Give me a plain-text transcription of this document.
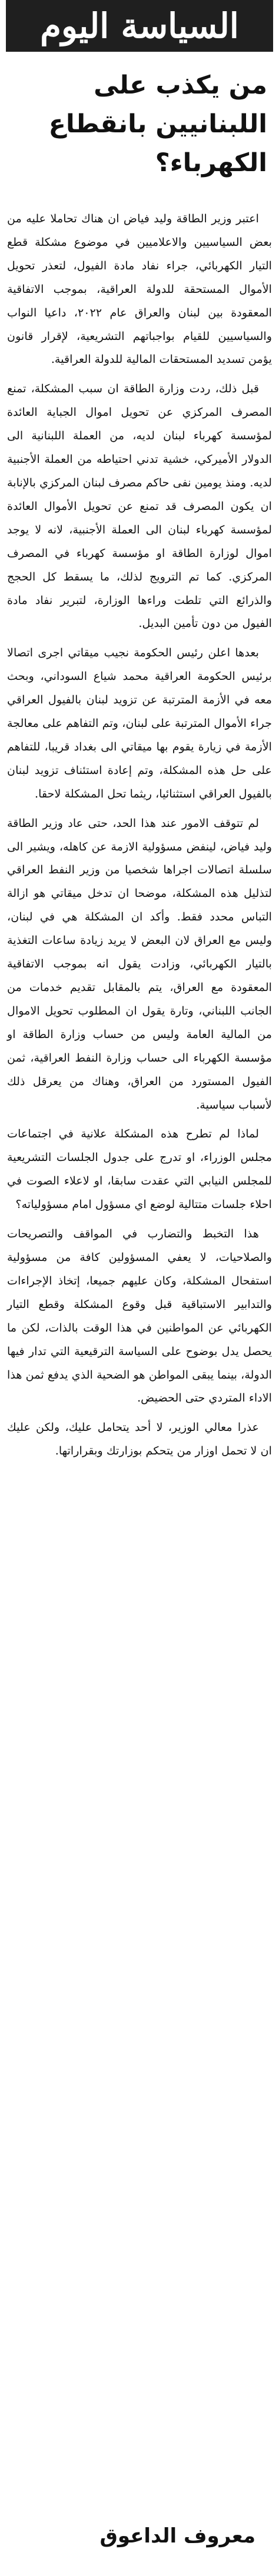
السياسة اليوم
من يكذب على اللبنانيين بانقطاع الكهرباء؟

اعتبر وزير الطاقة وليد فياض ان هناك تحاملا عليه من بعض السياسيين والاعلاميين في موضوع مشكلة قطع التيار الكهربائي، جراء نفاد مادة الفيول، لتعذر تحويل الأموال المستحقة للدولة العراقية، بموجب الاتفاقية المعقودة بين لبنان والعراق عام ٢٠٢٢، داعيا النواب والسياسيين للقيام بواجباتهم التشريعية، لإقرار قانون يؤمن تسديد المستحقات المالية للدولة العراقية.

قبل ذلك، ردت وزارة الطاقة ان سبب المشكلة، تمنع المصرف المركزي عن تحويل اموال الجباية العائدة لمؤسسة كهرباء لبنان لديه، من العملة اللبنانية الى الدولار الأميركي، خشية تدني احتياطه من العملة الأجنبية لديه. ومنذ يومين نفى حاكم مصرف لبنان المركزي بالإنابة ان يكون المصرف قد تمنع عن تحويل الأموال العائدة لمؤسسة كهرباء لبنان الى العملة الأجنبية، لانه لا يوجد اموال لوزارة الطاقة او مؤسسة كهرباء في المصرف المركزي. كما تم الترويج لذلك، ما يسقط كل الحجج والذرائع التي تلطت وراءها الوزارة، لتبرير نفاد مادة الفيول من دون تأمين البديل.

بعدها اعلن رئيس الحكومة نجيب ميقاتي اجرى اتصالا برئيس الحكومة العراقية محمد شياع السوداني، وبحث معه في الأزمة المترتبة عن تزويد لبنان بالفيول العراقي جراء الأموال المترتبة على لبنان، وتم التفاهم على معالجة الأزمة في زيارة يقوم بها ميقاتي الى بغداد قريبا، للتفاهم على حل هذه المشكلة، وتم إعادة استئناف تزويد لبنان بالفيول العراقي استثنائيا، ريثما تحل المشكلة لاحقا.

لم تتوقف الامور عند هذا الحد، حتى عاد وزير الطاقة وليد فياض، لينفض مسؤولية الازمة عن كاهله، ويشير الى سلسلة اتصالات اجراها شخصيا من وزير النفط العراقي لتذليل هذه المشكلة، موضحا ان تدخل ميقاتي هو ازالة التباس محدد فقط. وأكد ان المشكلة هي في لبنان، وليس مع العراق لان البعض لا يريد زيادة ساعات التغذية بالتيار الكهربائي، وزادت يقول انه بموجب الاتفاقية المعقودة مع العراق، يتم بالمقابل تقديم خدمات من الجانب اللبناني، وتارة يقول ان المطلوب تحويل الاموال من المالية العامة وليس من حساب وزارة الطاقة او مؤسسة الكهرباء الى حساب وزارة النفط العراقية، ثمن الفيول المستورد من العراق، وهناك من يعرقل ذلك لأسباب سياسية.

لماذا لم تطرح هذه المشكلة علانية في اجتماعات مجلس الوزراء، او تدرج على جدول الجلسات التشريعية للمجلس النيابي التي عقدت سابقا، او لاعلاء الصوت في احلاء جلسات متتالية لوضع اي مسؤول امام مسؤولياته؟

هذا التخبط والتضارب في المواقف والتصريحات والصلاحيات، لا يعفي المسؤولين كافة من مسؤولية استفحال المشكلة، وكان عليهم جميعا، إتخاذ الإجراءات والتدابير الاستباقية قبل وقوع المشكلة وقطع التيار الكهربائي عن المواطنين في هذا الوقت بالذات، لكن ما يحصل يدل بوضوح على السياسة الترقيعية التي تدار فيها الدولة، بينما يبقى المواطن هو الضحية الذي يدفع ثمن هذا الاداء المتردي حتى الحضيض.

عذرا معالي الوزير، لا أحد يتحامل عليك، ولكن عليك ان لا تحمل اوزار من يتحكم بوزارتك وبقراراتها.

معروف الداعوق
